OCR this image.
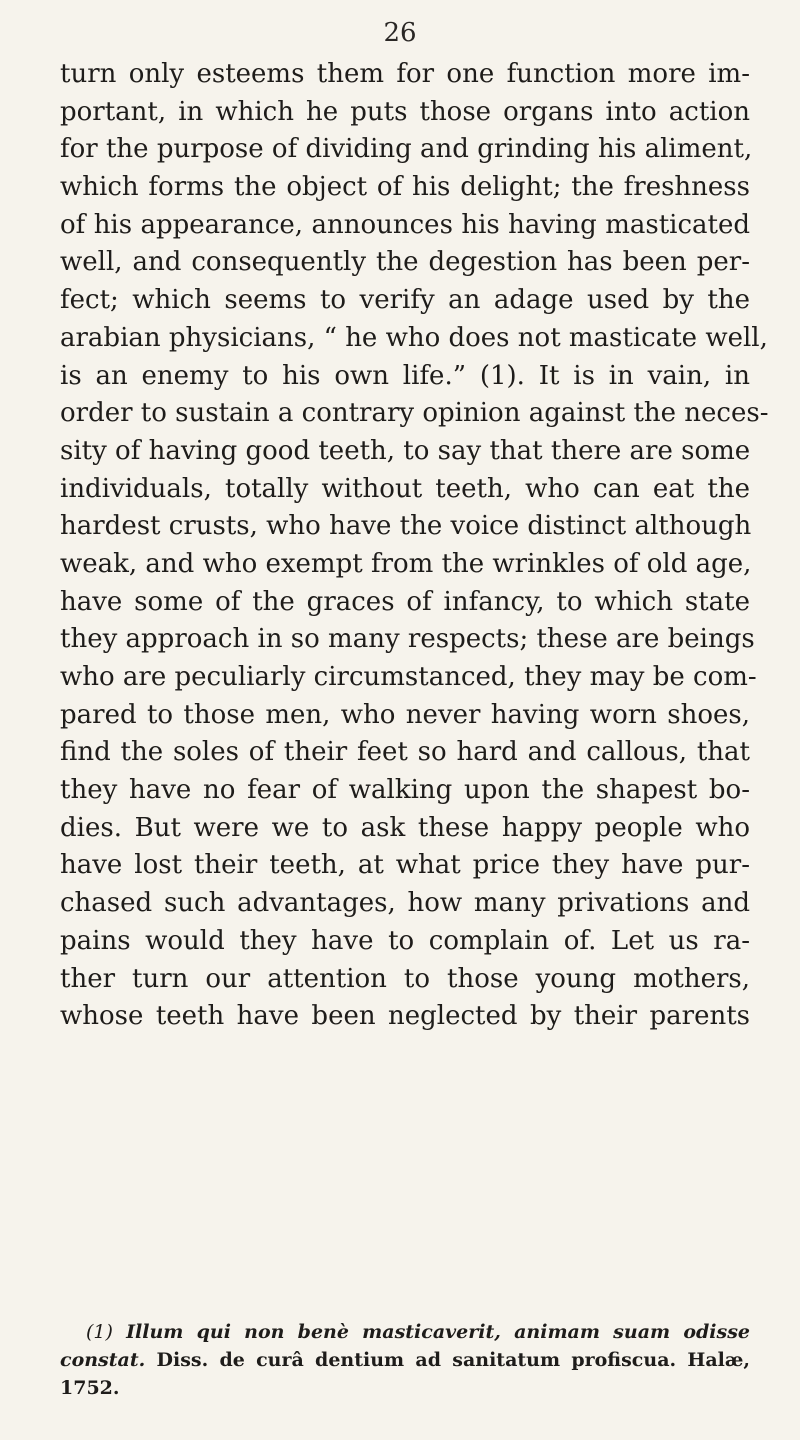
26
turn only esteems them for one function more im-
portant, in which he puts those organs into action
for the purpose of dividing and grinding his aliment,
which forms the object of his delight; the freshness
of his appearance, announces his having masticated
well, and consequently the degestion has been per-
fect; which seems to verify an adage used by the
arabian physicians, “ he who does not masticate well,
is an enemy to his own life.” (1). It is in vain, in
order to sustain a contrary opinion against the neces-
sity of having good teeth, to say that there are some
individuals, totally without teeth, who can eat the
hardest crusts, who have the voice distinct although
weak, and who exempt from the wrinkles of old age,
have some of the graces of infancy, to which state
they approach in so many respects; these are beings
who are peculiarly circumstanced, they may be com-
pared to those men, who never having worn shoes,
find the soles of their feet so hard and callous, that
they have no fear of walking upon the shapest bo-
dies. But were we to ask these happy people who
have lost their teeth, at what price they have pur-
chased such advantages, how many privations and
pains would they have to complain of. Let us ra-
ther turn our attention to those young mothers,
whose teeth have been neglected by their parents
(1) Illum qui non benè masticaverit, animam suam odisse
constat. Diss. de curâ dentium ad sanitatum profiscua. Halæ,
1752.
